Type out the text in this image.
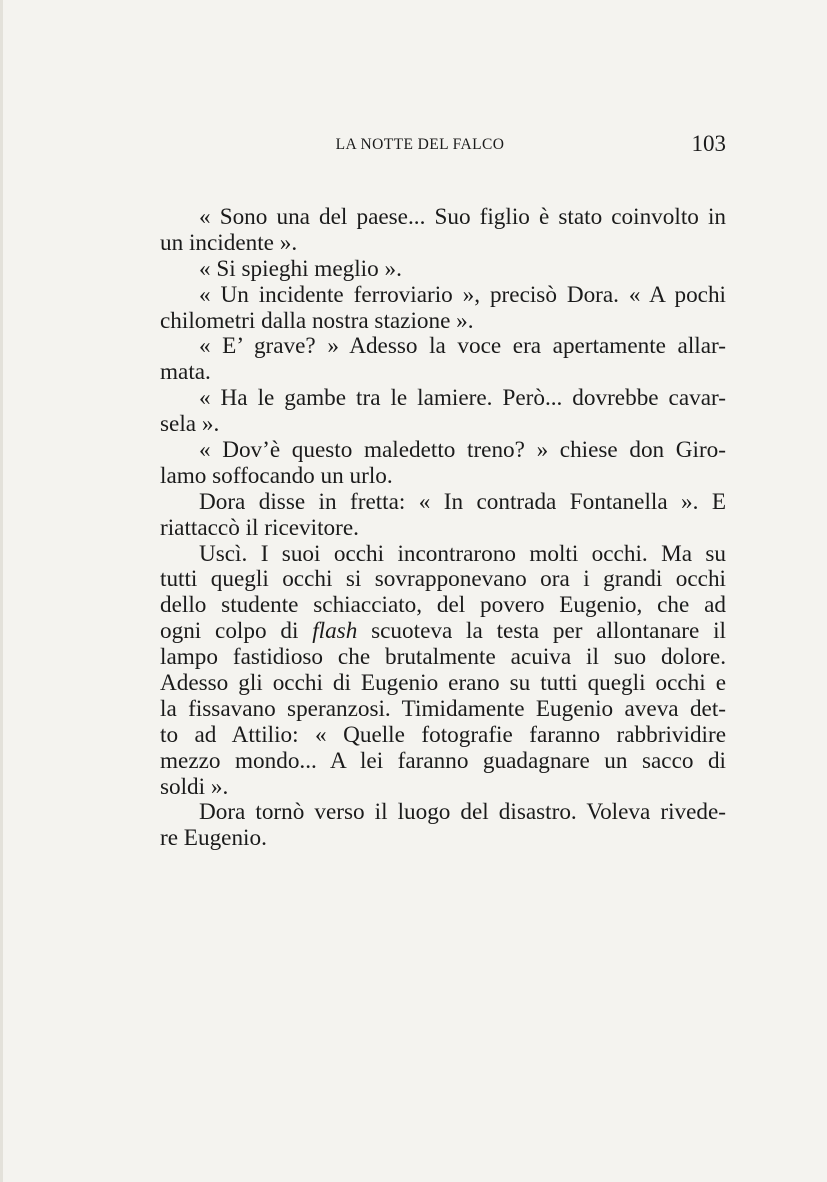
LA NOTTE DEL FALCO	103
« Sono una del paese... Suo figlio è stato coinvolto in
un incidente ».
« Si spieghi meglio ».
« Un incidente ferroviario », precisò Dora. « A pochi
chilometri dalla nostra stazione ».
« E’ grave? » Adesso la voce era apertamente allar-
mata.
« Ha le gambe tra le lamiere. Però... dovrebbe cavar-
sela ».
« Dov’è questo maledetto treno? » chiese don Giro-
lamo soffocando un urlo.
Dora disse in fretta: « In contrada Fontanella ». E
riattaccò il ricevitore.
Uscì. I suoi occhi incontrarono molti occhi. Ma su
tutti quegli occhi si sovrapponevano ora i grandi occhi
dello studente schiacciato, del povero Eugenio, che ad
ogni colpo di flash scuoteva la testa per allontanare il
lampo fastidioso che brutalmente acuiva il suo dolore.
Adesso gli occhi di Eugenio erano su tutti quegli occhi e
la fissavano speranzosi. Timidamente Eugenio aveva det-
to ad Attilio: « Quelle fotografie faranno rabbrividire
mezzo mondo... A lei faranno guadagnare un sacco di
soldi ».
Dora tornò verso il luogo del disastro. Voleva rivede-
re Eugenio.
